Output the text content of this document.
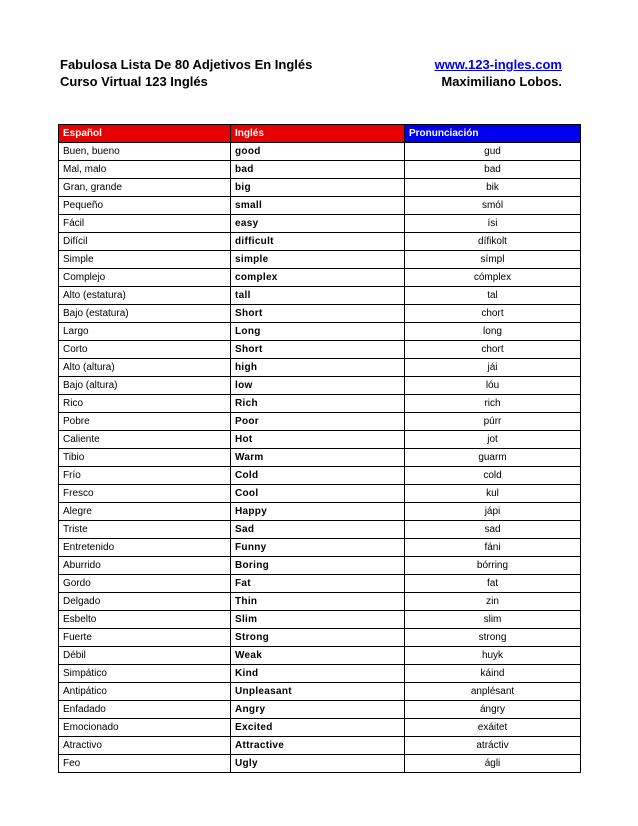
Fabulosa Lista De 80 Adjetivos En Inglés	www.123-ingles.com
Curso Virtual 123 Inglés	Maximiliano Lobos.
Español	Inglés	Pronunciación
Buen, bueno	good	gud
Mal, malo	bad	bad
Gran, grande	big	bik
Pequeño	small	smól
Fácil	easy	ísi
Difícil	difficult	dífikolt
Simple	simple	símpl
Complejo	complex	cómplex
Alto (estatura)	tall	tal
Bajo (estatura)	Short	chort
Largo	Long	long
Corto	Short	chort
Alto (altura)	high	jái
Bajo (altura)	low	lóu
Rico	Rich	rich
Pobre	Poor	púrr
Caliente	Hot	jot
Tibio	Warm	guarm
Frío	Cold	cold
Fresco	Cool	kul
Alegre	Happy	jápi
Triste	Sad	sad
Entretenido	Funny	fáni
Aburrido	Boring	bórring
Gordo	Fat	fat
Delgado	Thin	zin
Esbelto	Slim	slim
Fuerte	Strong	strong
Débil	Weak	huyk
Simpático	Kind	káind
Antipático	Unpleasant	anplésant
Enfadado	Angry	ángry
Emocionado	Excited	exáitet
Atractivo	Attractive	atráctiv
Feo	Ugly	ágli
